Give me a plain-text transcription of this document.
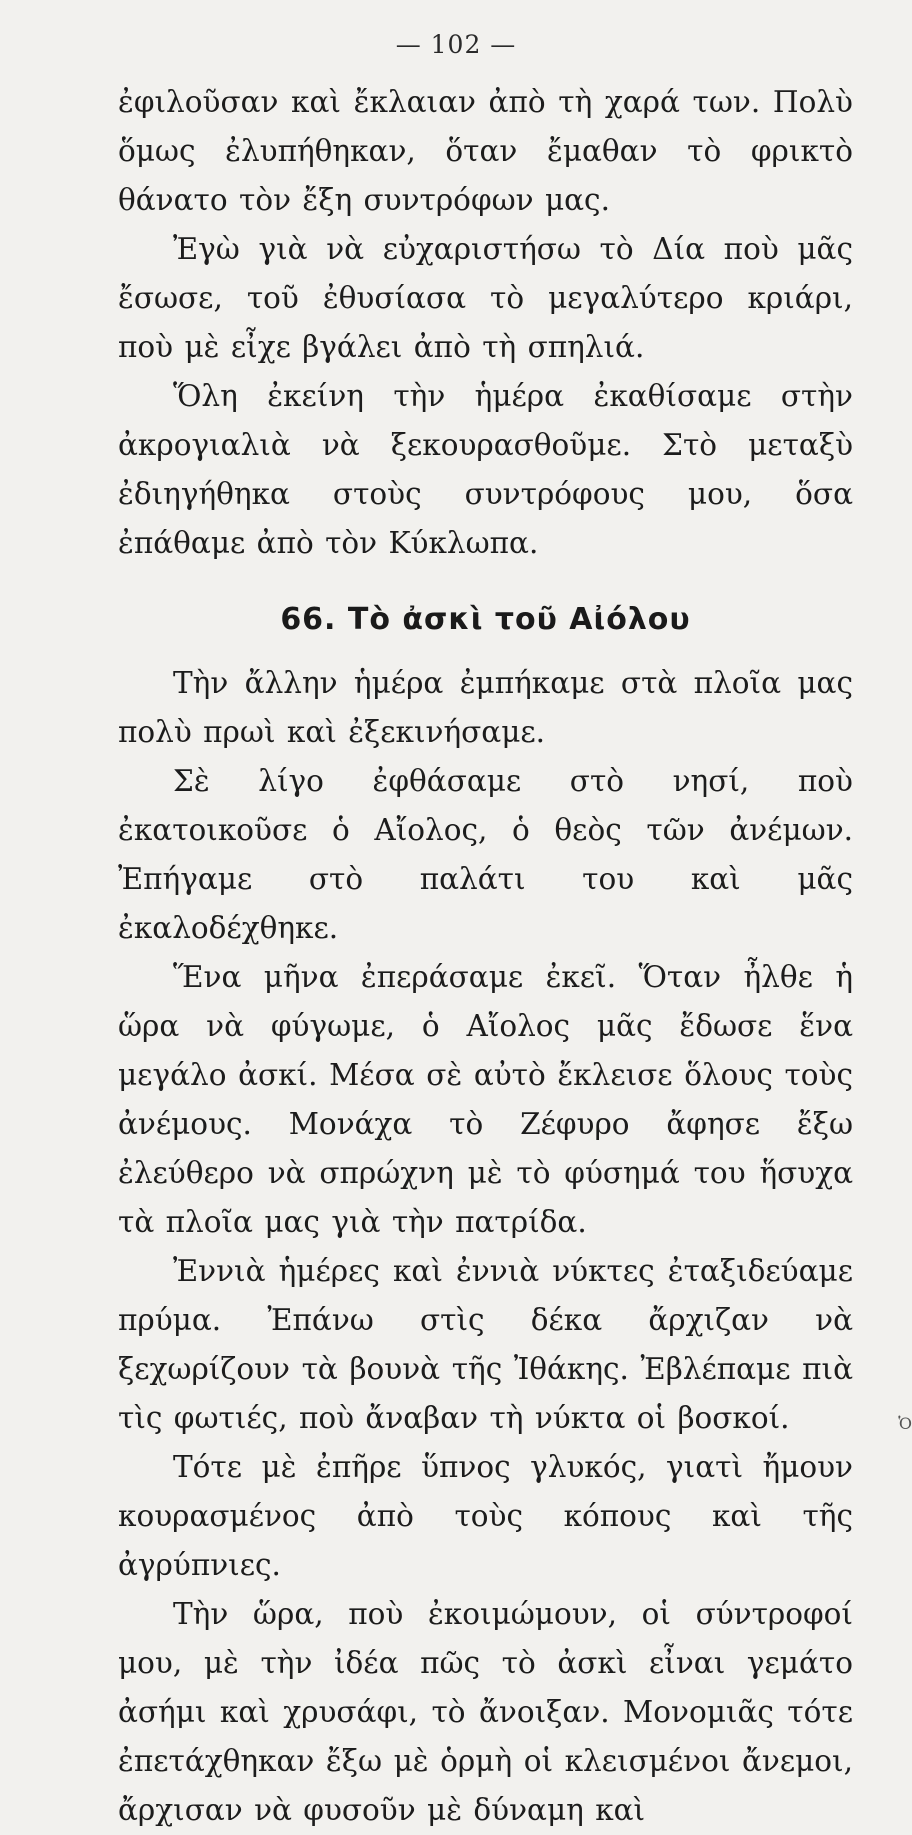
— 102 —

ἐφιλοῦσαν καὶ ἔκλαιαν ἀπὸ τὴ χαρά των. Πολὺ ὅμως ἐλυπήθηκαν, ὅταν ἔμαθαν τὸ φρικτὸ θάνατο τὸν ἔξη συντρόφων μας.

Ἐγὼ γιὰ νὰ εὐχαριστήσω τὸ Δία ποὺ μᾶς ἔσωσε, τοῦ ἐθυσίασα τὸ μεγαλύτερο κριάρι, ποὺ μὲ εἶχε βγάλει ἀπὸ τὴ σπηλιά.

Ὅλη ἐκείνη τὴν ἡμέρα ἐκαθίσαμε στὴν ἀκρογιαλιὰ νὰ ξεκουρασθοῦμε. Στὸ μεταξὺ ἐδιηγήθηκα στοὺς συντρόφους μου, ὅσα ἐπάθαμε ἀπὸ τὸν Κύκλωπα.

66. Τὸ ἀσκὶ τοῦ Αἰόλου

Τὴν ἄλλην ἡμέρα ἐμπήκαμε στὰ πλοῖα μας πολὺ πρωὶ καὶ ἐξεκινήσαμε.

Σὲ λίγο ἐφθάσαμε στὸ νησί, ποὺ ἐκατοικοῦσε ὁ Αἴολος, ὁ θεὸς τῶν ἀνέμων. Ἐπήγαμε στὸ παλάτι του καὶ μᾶς ἐκαλοδέχθηκε.

Ἕνα μῆνα ἐπεράσαμε ἐκεῖ. Ὅταν ἦλθε ἡ ὥρα νὰ φύγωμε, ὁ Αἴολος μᾶς ἔδωσε ἕνα μεγάλο ἀσκί. Μέσα σὲ αὐτὸ ἔκλεισε ὅλους τοὺς ἀνέμους. Μονάχα τὸ Ζέφυρο ἄφησε ἔξω ἐλεύθερο νὰ σπρώχνη μὲ τὸ φύσημά του ἥσυχα τὰ πλοῖα μας γιὰ τὴν πατρίδα.

Ἐννιὰ ἡμέρες καὶ ἐννιὰ νύκτες ἐταξιδεύαμε πρύμα. Ἐπάνω στὶς δέκα ἄρχιζαν νὰ ξεχωρίζουν τὰ βουνὰ τῆς Ἰθάκης. Ἐβλέπαμε πιὰ τὶς φωτιές, ποὺ ἄναβαν τὴ νύκτα οἱ βοσκοί.

Τότε μὲ ἐπῆρε ὕπνος γλυκός, γιατὶ ἤμουν κουρασμένος ἀπὸ τοὺς κόπους καὶ τῆς ἀγρύπνιες.

Τὴν ὥρα, ποὺ ἐκοιμώμουν, οἱ σύντροφοί μου, μὲ τὴν ἰδέα πῶς τὸ ἀσκὶ εἶναι γεμάτο ἀσήμι καὶ χρυσάφι, τὸ ἄνοιξαν. Μονομιᾶς τότε ἐπετάχθηκαν ἔξω μὲ ὁρμὴ οἱ κλεισμένοι ἄνεμοι, ἄρχισαν νὰ φυσοῦν μὲ δύναμη καὶ

Ὁ
